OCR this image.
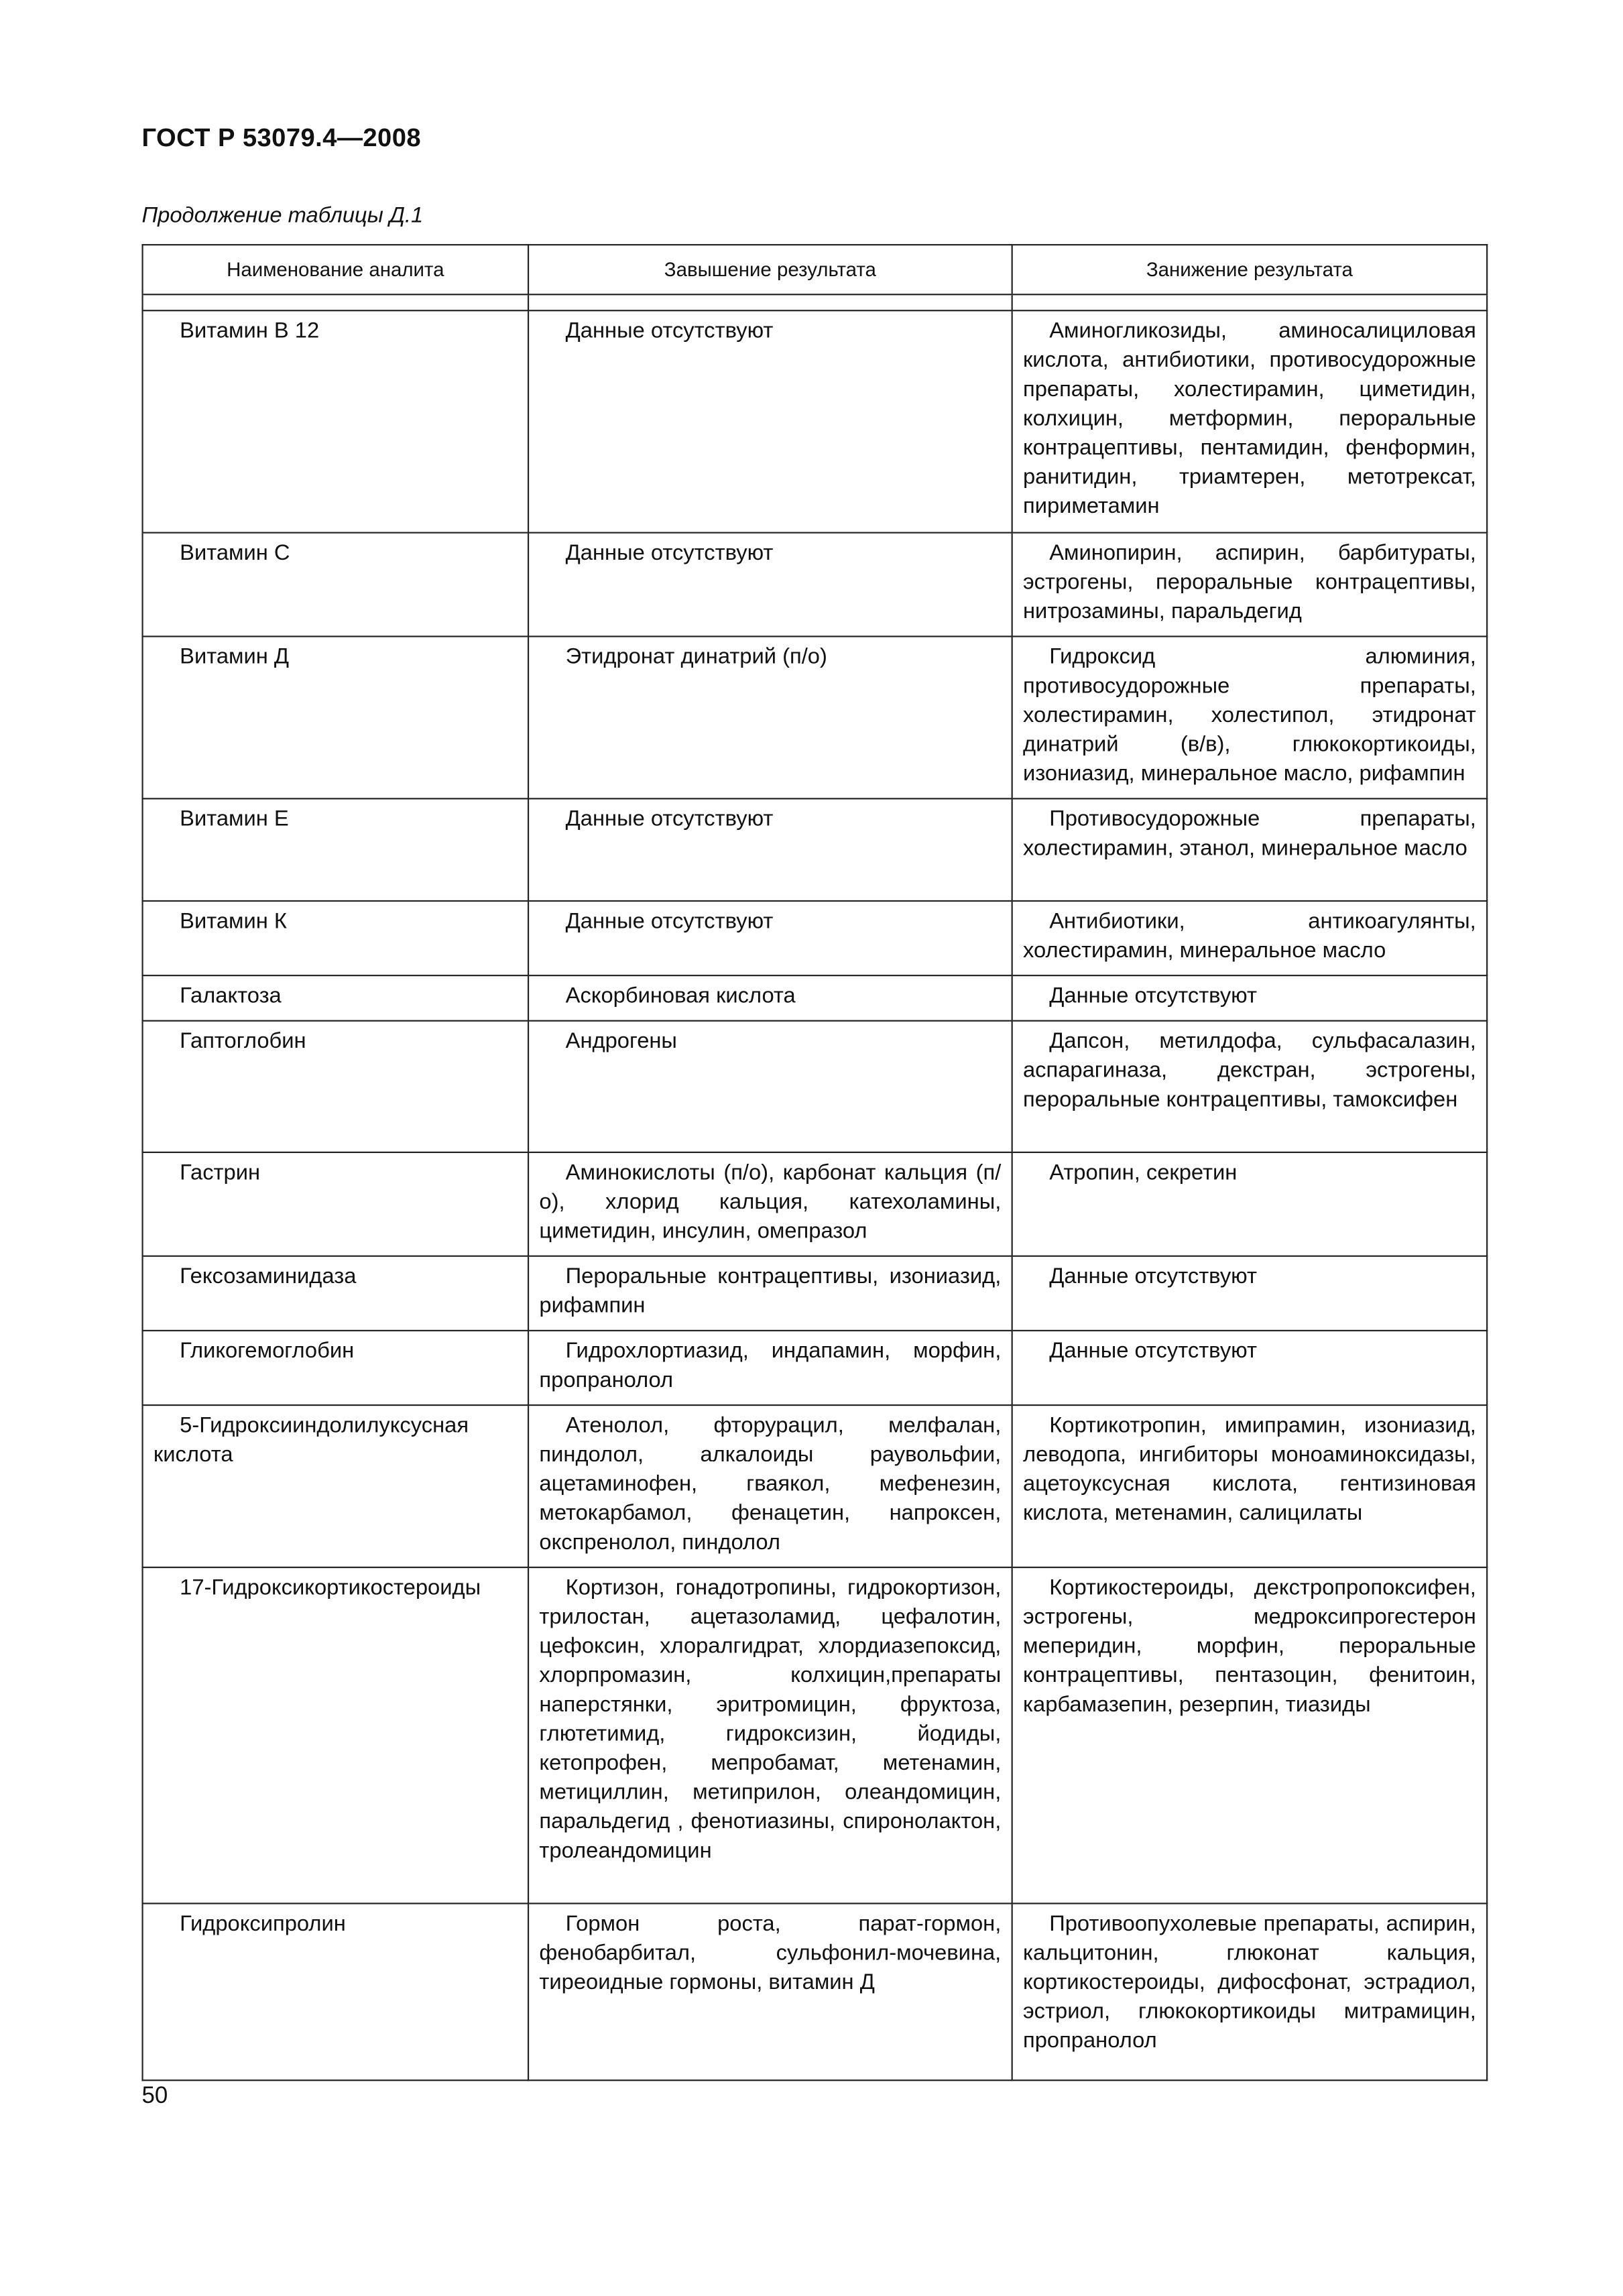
ГОСТ Р 53079.4—2008
Продолжение таблицы Д.1
Наименование аналита	Завышение результата	Занижение результата

Витамин В 12	Данные отсутствуют	Аминогликозиды, аминосалициловая кислота, антибиотики, противосудорожные препараты, холестирамин, циметидин, колхицин, метформин, пероральные контрацептивы, пентамидин, фенформин, ранитидин, триамтерен, метотрексат, пириметамин
Витамин С	Данные отсутствуют	Аминопирин, аспирин, барбитураты, эстрогены, пероральные контрацептивы, нитрозамины, паральдегид
Витамин Д	Этидронат динатрий (п/о)	Гидроксид алюминия, противосудорожные препараты, холестирамин, холестипол, этидронат динатрий (в/в), глюкокортикоиды, изониазид, минеральное масло, рифампин
Витамин Е	Данные отсутствуют	Противосудорожные препараты, холестирамин, этанол, минеральное масло
Витамин К	Данные отсутствуют	Антибиотики, антикоагулянты, холестирамин, минеральное масло
Галактоза	Аскорбиновая кислота	Данные отсутствуют
Гаптоглобин	Андрогены	Дапсон, метилдофа, сульфасалазин, аспарагиназа, декстран, эстрогены, пероральные контрацептивы, тамоксифен
Гастрин	Аминокислоты (п/о), карбонат кальция (п/о), хлорид кальция, катехоламины, циметидин, инсулин, омепразол	Атропин, секретин
Гексозаминидаза	Пероральные контрацептивы, изониазид, рифампин	Данные отсутствуют
Гликогемоглобин	Гидрохлортиазид, индапамин, морфин, пропранолол	Данные отсутствуют
5-Гидроксииндолилуксусная кислота	Атенолол, фторурацил, мелфалан, пиндолол, алкалоиды раувольфии, ацетаминофен, гваякол, мефенезин, метокарбамол, фенацетин, напроксен, окспренолол, пиндолол	Кортикотропин, имипрамин, изониазид, леводопа, ингибиторы моноаминоксидазы, ацетоуксусная кислота, гентизиновая кислота, метенамин, салицилаты
17-Гидроксикортикостероиды	Кортизон, гонадотропины, гидрокортизон, трилостан, ацетазоламид, цефалотин, цефоксин, хлоралгидрат, хлордиазепоксид, хлорпромазин, колхицин,препараты наперстянки, эритромицин, фруктоза, глютетимид, гидроксизин, йодиды, кетопрофен, мепробамат, метенамин, метициллин, метиприлон, олеандомицин, паральдегид , фенотиазины, спиронолактон, тролеандомицин	Кортикостероиды, декстропропоксифен, эстрогены, медроксипрогестерон меперидин, морфин, пероральные контрацептивы, пентазоцин, фенитоин, карбамазепин, резерпин, тиазиды
Гидроксипролин	Гормон роста, парат-гормон, фенобарбитал, сульфонил-мочевина, тиреоидные гормоны, витамин Д	Противоопухолевые препараты, аспирин, кальцитонин, глюконат кальция, кортикостероиды, дифосфонат, эстрадиол, эстриол, глюкокортикоиды митрамицин, пропранолол
50
